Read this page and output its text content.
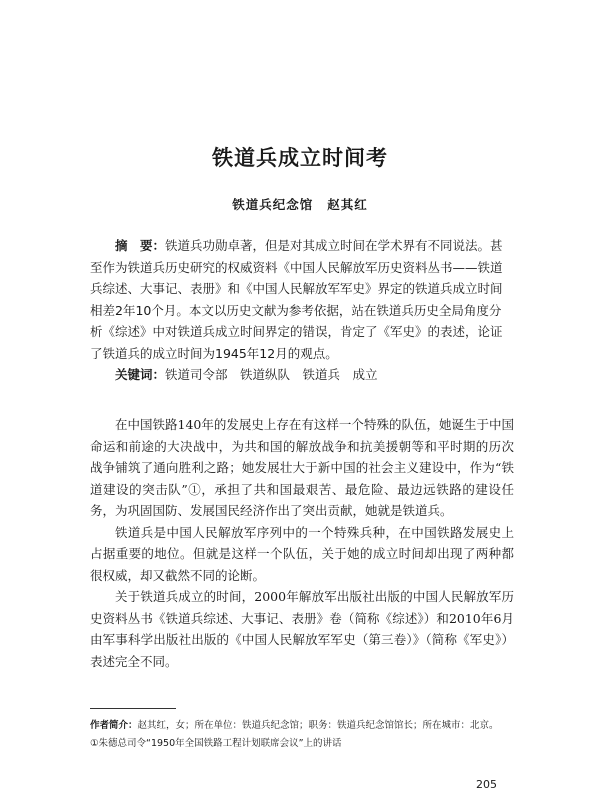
铁道兵成立时间考
铁道兵纪念馆 赵其红

摘　要：铁道兵功勋卓著，但是对其成立时间在学术界有不同说法。甚至作为铁道兵历史研究的权威资料《中国人民解放军历史资料丛书——铁道兵综述、大事记、表册》和《中国人民解放军军史》界定的铁道兵成立时间相差2年10个月。本文以历史文献为参考依据，站在铁道兵历史全局角度分析《综述》中对铁道兵成立时间界定的错误，肯定了《军史》的表述，论证了铁道兵的成立时间为1945年12月的观点。

关键词：铁道司令部　铁道纵队　铁道兵　成立

在中国铁路140年的发展史上存在有这样一个特殊的队伍，她诞生于中国命运和前途的大决战中，为共和国的解放战争和抗美援朝等和平时期的历次战争铺筑了通向胜利之路；她发展壮大于新中国的社会主义建设中，作为“铁道建设的突击队”①，承担了共和国最艰苦、最危险、最边远铁路的建设任务，为巩固国防、发展国民经济作出了突出贡献，她就是铁道兵。

铁道兵是中国人民解放军序列中的一个特殊兵种，在中国铁路发展史上占据重要的地位。但就是这样一个队伍，关于她的成立时间却出现了两种都很权威，却又截然不同的论断。

关于铁道兵成立的时间，2000年解放军出版社出版的中国人民解放军历史资料丛书《铁道兵综述、大事记、表册》卷（简称《综述》）和2010年6月由军事科学出版社出版的《中国人民解放军军史（第三卷）》（简称《军史》）表述完全不同。

作者简介：赵其红，女；所在单位：铁道兵纪念馆；职务：铁道兵纪念馆馆长；所在城市：北京。

①朱德总司令“1950年全国铁路工程计划联席会议”上的讲话

205
